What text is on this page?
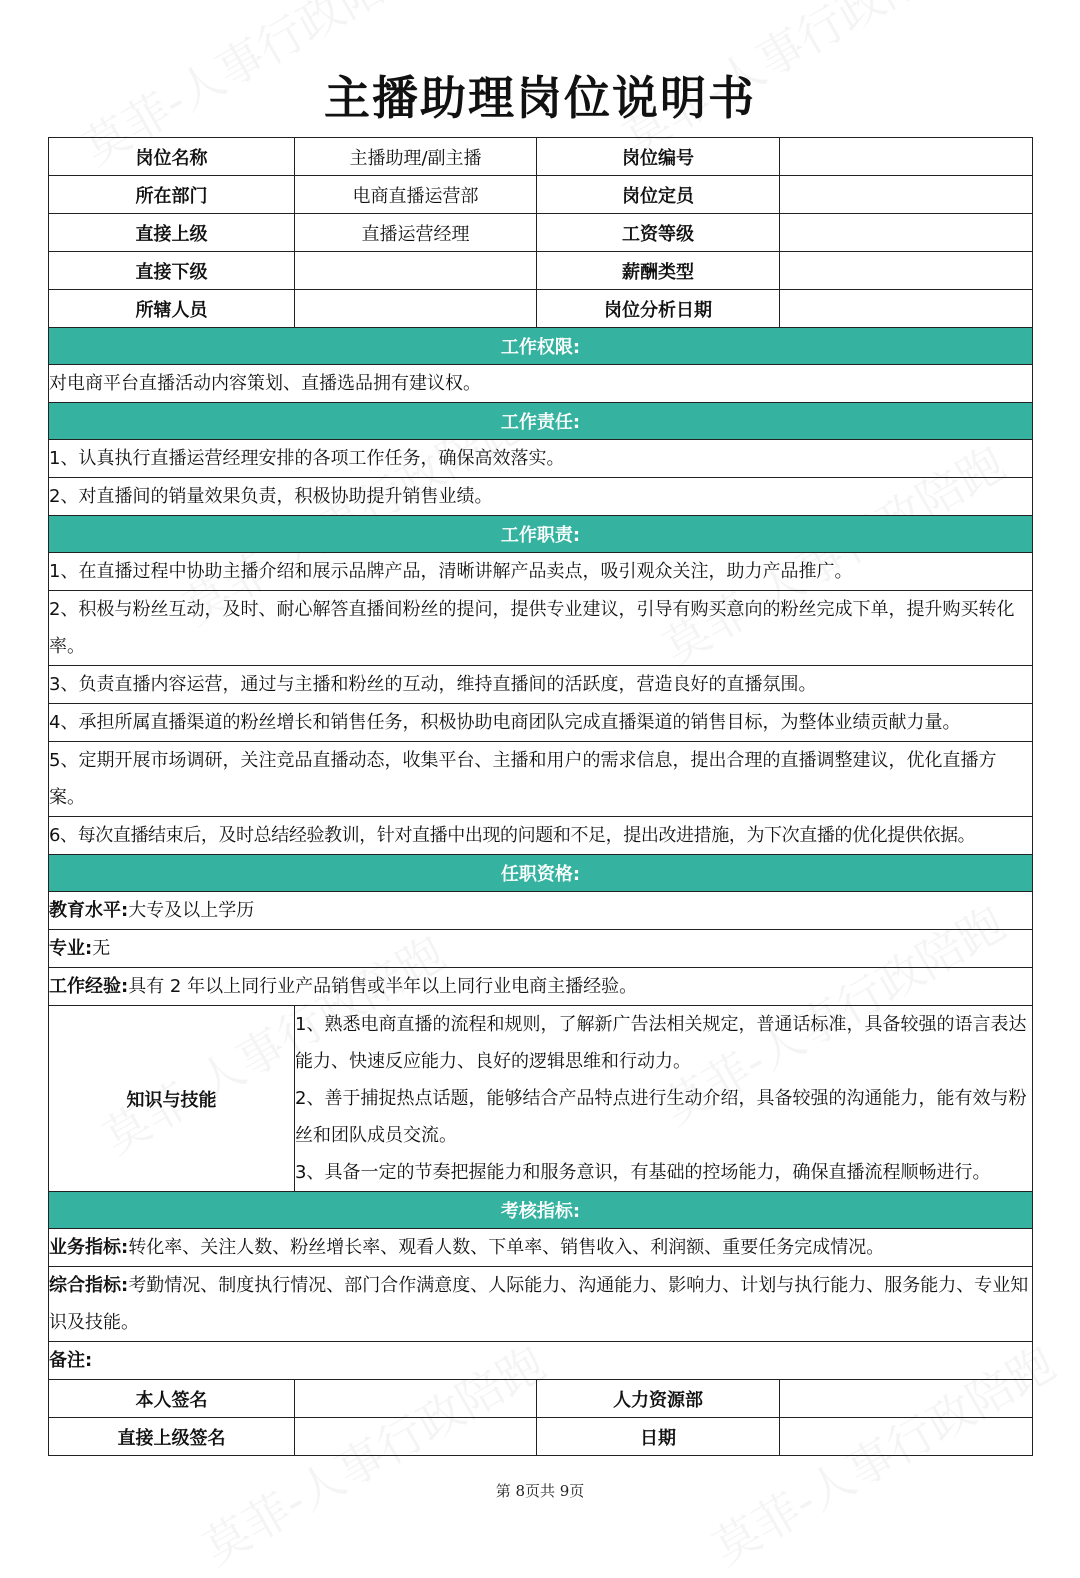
主播助理岗位说明书
岗位名称	主播助理/副主播	岗位编号	
所在部门	电商直播运营部	岗位定员	
直接上级	直播运营经理	工资等级	
直接下级		薪酬类型	
所辖人员		岗位分析日期	
工作权限:			
对电商平台直播活动内容策划、直播选品拥有建议权。			
工作责任:			
1、认真执行直播运营经理安排的各项工作任务，确保高效落实。			
2、对直播间的销量效果负责，积极协助提升销售业绩。			
工作职责:			
1、在直播过程中协助主播介绍和展示品牌产品，清晰讲解产品卖点，吸引观众关注，助力产品推广。			
2、积极与粉丝互动，及时、耐心解答直播间粉丝的提问，提供专业建议，引导有购买意向的粉丝完成下单，提升购买转化率。			
3、负责直播内容运营，通过与主播和粉丝的互动，维持直播间的活跃度，营造良好的直播氛围。			
4、承担所属直播渠道的粉丝增长和销售任务，积极协助电商团队完成直播渠道的销售目标，为整体业绩贡献力量。			
5、定期开展市场调研，关注竞品直播动态，收集平台、主播和用户的需求信息，提出合理的直播调整建议，优化直播方案。			
6、每次直播结束后，及时总结经验教训，针对直播中出现的问题和不足，提出改进措施，为下次直播的优化提供依据。			
任职资格:			
教育水平:大专及以上学历			
专业:无			
工作经验:具有 2 年以上同行业产品销售或半年以上同行业电商主播经验。			
知识与技能	1、熟悉电商直播的流程和规则，了解新广告法相关规定，普通话标准，具备较强的语言表达能力、快速反应能力、良好的逻辑思维和行动力。
2、善于捕捉热点话题，能够结合产品特点进行生动介绍，具备较强的沟通能力，能有效与粉丝和团队成员交流。
3、具备一定的节奏把握能力和服务意识，有基础的控场能力，确保直播流程顺畅进行。		

考核指标:			
业务指标:转化率、关注人数、粉丝增长率、观看人数、下单率、销售收入、利润额、重要任务完成情况。			
综合指标:考勤情况、制度执行情况、部门合作满意度、人际能力、沟通能力、影响力、计划与执行能力、服务能力、专业知识及技能。			
备注:			
本人签名		人力资源部	
直接上级签名		日期	
第 8页共 9页
